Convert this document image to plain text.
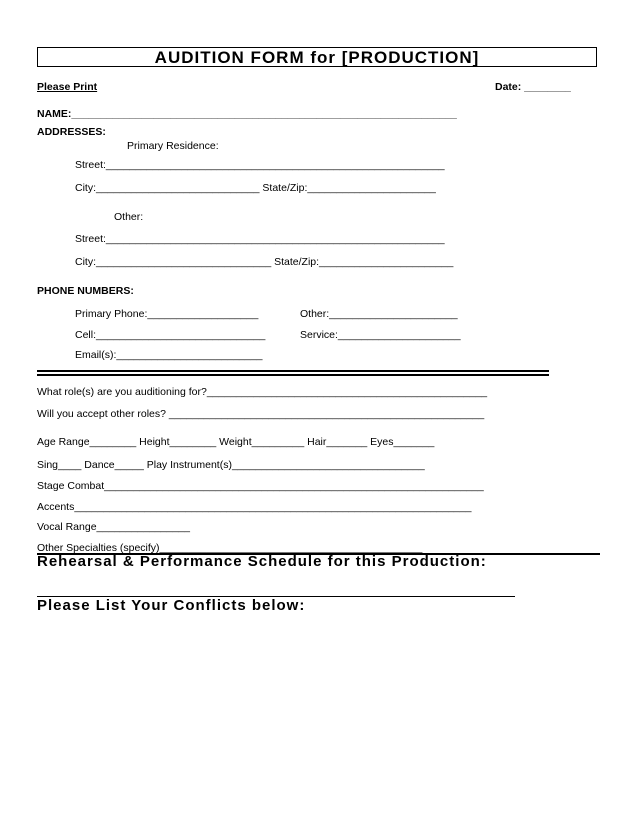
AUDITION FORM for [PRODUCTION]
Please Print	Date: ________
NAME:__________________________________________________________________
ADDRESSES:
Primary Residence:
Street:__________________________________________________________
City:____________________________ State/Zip:______________________
Other:
Street:__________________________________________________________
City:______________________________ State/Zip:_______________________
PHONE NUMBERS:
Primary Phone:___________________	Other:______________________
Cell:_____________________________	Service:_____________________
Email(s):_________________________
What role(s) are you auditioning for?________________________________________________
Will you accept other roles? ______________________________________________________
Age Range________ Height________ Weight_________ Hair_______ Eyes_______
Sing____ Dance_____ Play Instrument(s)_________________________________
Stage Combat_________________________________________________________________
Accents____________________________________________________________________
Vocal Range________________
Other Specialties (specify)_____________________________________________
Rehearsal & Performance Schedule for this Production:
Please List Your Conflicts below:
